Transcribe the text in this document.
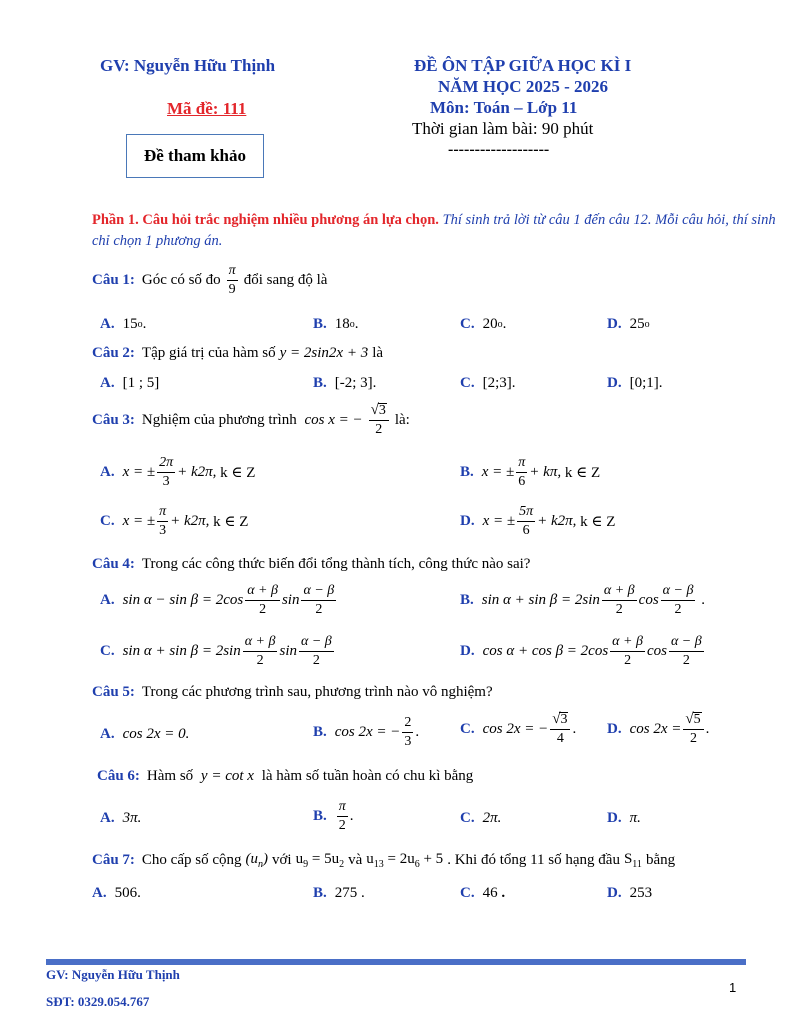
GV: Nguyễn Hữu Thịnh
Mã đề: 111
Đề tham khảo
ĐỀ ÔN TẬP GIỮA HỌC KÌ I
NĂM HỌC 2025 - 2026
Môn: Toán – Lớp 11
Thời gian làm bài: 90 phút
-------------------
Phần 1. Câu hỏi trắc nghiệm nhiều phương án lựa chọn. Thí sinh trả lời từ câu 1 đến câu 12. Mỗi câu hỏi, thí sinh chỉ chọn 1 phương án.
Câu 1: Góc có số đo $\frac{\pi}{9}$ đổi sang độ là
A. 15 o .	B. 18 o .	C. 20 o .	D. 25 o
Câu 2: Tập giá trị của hàm số y = 2sin2x + 3 là
A. [1 ; 5]	B. [-2; 3].	C. [2;3].	D. [0;1].
Câu 3: Nghiệm của phương trình cos x = − $\frac{√ 3}{2}$ là:
A. x = ± $\frac{2\pi}{3} + k2\pi$, k ∈ Z	B. x = ± $\frac{\pi}{6} + k\pi$, k ∈ Z
C. x = ± $\frac{\pi}{3} + k2\pi$, k ∈ Z	D. x = ± $\frac{5\pi}{6} + k2\pi$, k ∈ Z
Câu 4: Trong các công thức biến đổi tổng thành tích, công thức nào sai?
A. $\sin \alpha - \sin \beta = 2\cos \frac{\alpha + \beta}{2}$ $\sin \frac{\alpha - \beta}{2}$	B. $\sin \alpha + \sin \beta = 2\sin \frac{\alpha + \beta}{2}$ $\cos \frac{\alpha - \beta}{2}$ .
C. $\sin \alpha + \sin \beta = 2\sin \frac{\alpha + \beta}{2}$ $\sin \frac{\alpha - \beta}{2}$	D. $\cos \alpha + \cos \beta = 2\cos \frac{\alpha + \beta}{2}$ $\cos \frac{\alpha - \beta}{2}$
Câu 5: Trong các phương trình sau, phương trình nào vô nghiệm?
A. cos 2x = 0.	B. cos 2x = − $\frac{2}{3}$ .	C. cos 2x = − $\frac{√ 3}{4}$ . D. $\cos 2x = \frac{√ 5}{2}$ .
Câu 6: Hàm số y = cot x là hàm số tuần hoàn có chu kì bằng
A. 3π.	B. $\frac{\pi}{2}$ .	C. 2π.	D. π.
Câu 7: Cho cấp số cộng $(u_n)$ với $u_9 = 5u_2$ và $u_{13} = 2u_6 + 5$ . Khi đó tổng 11 số hạng đầu $S_{11}$ bằng
A. 506 .	B. 275 .	C. 46
.	D. 253
GV: Nguyễn Hữu Thịnh
SĐT: 0329.054.767
1
